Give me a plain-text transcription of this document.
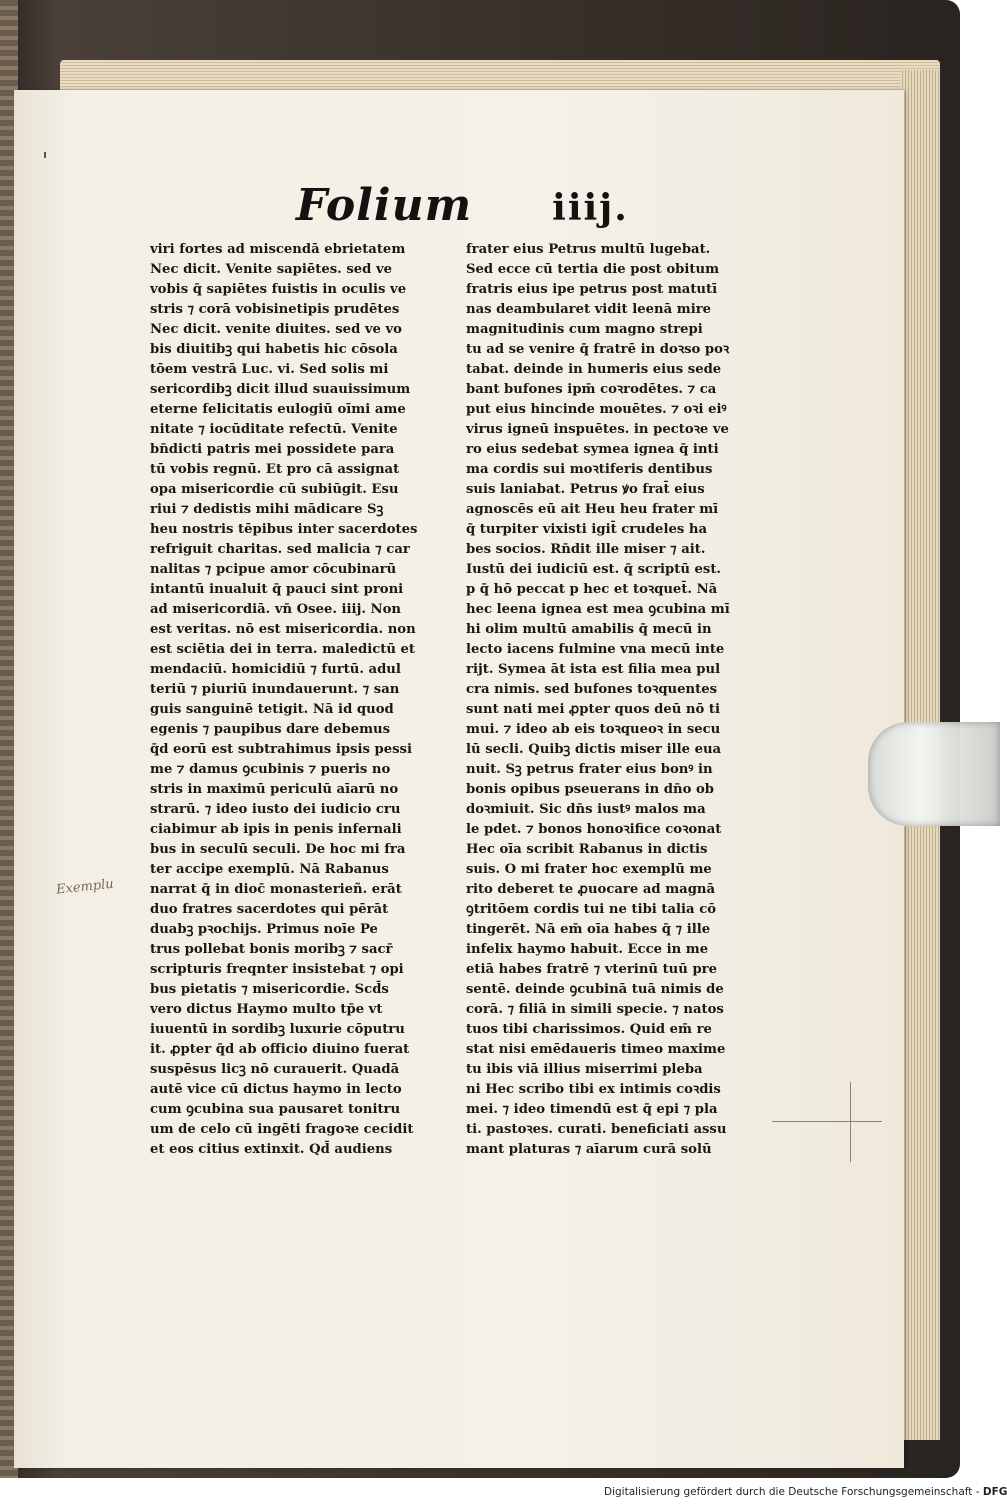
Folium iiij.
viri fortes ad miscendā ebrietatem
Nec dicit. Venite sapiētes. sed ve
vobis q̄ sapiētes fuistis in oculis ve
stris ⁊ corā vobisinetipis prudētes
Nec dicit. venite diuites. sed ve vo
bis diuitibꝫ qui habetis hic cōsola
tōem vestrā Luc. vi. Sed solis mi
sericordibꝫ dicit illud suauissimum
eterne felicitatis eulogiū oīmi ame
nitate ⁊ iocūditate refectū. Venite
bn̄dicti patris mei possidete para
tū vobis regnū. Et pro cā assignat
opa misericordie cū subiūgit. Esu
riui ⁊ dedistis mihi mādicare Sꝫ
heu nostris tēpibus inter sacerdotes
refriguit charitas. sed malicia ⁊ car
nalitas ⁊ pcipue amor cōcubinarū
intantū inualuit q̄ pauci sint proni
ad misericordiā. vn̄ Osee. iiij. Non
est veritas. nō est misericordia. non
est sciētia dei in terra. maledictū et
mendaciū. homicidiū ⁊ furtū. adul
teriū ⁊ piuriū inundauerunt. ⁊ san
guis sanguinē tetigit. Nā id quod
egenis ⁊ paupibus dare debemus
q̄d eorū est subtrahimus ipsis pessi
me ⁊ damus ꝯcubinis ⁊ pueris no
stris in maximū periculū aīarū no
strarū. ⁊ ideo iusto dei iudicio cru
ciabimur ab ipis in penis infernali
bus in seculū seculi. De hoc mi fra
ter accipe exemplū. Nā Rabanus
narrat q̄ in dioc̄ monasterieñ. erāt
duo fratres sacerdotes qui pērāt
duabꝫ pꝛochijs. Primus noīe Pe
trus pollebat bonis moribꝫ ⁊ sacr̄
scripturis freqnter insistebat ⁊ opi
bus pietatis ⁊ misericordie. Scd̄s
vero dictus Haymo multo tp̄e vt
iuuentū in sordibꝫ luxurie cōputru
it. ꝓpter q̄d ab officio diuino fuerat
suspēsus licꝫ nō curauerit. Quadā
autē vice cū dictus haymo in lecto
cum ꝯcubina sua pausaret tonitru
um de celo cū ingēti fragoꝛe cecidit
et eos citius extinxit. Qd̄ audiens
frater eius Petrus multū lugebat.
Sed ecce cū tertia die post obitum
fratris eius ipe petrus post matutī
nas deambularet vidit leenā mire
magnitudinis cum magno strepi
tu ad se venire q̄ fratrē in doꝛso poꝛ
tabat. deinde in humeris eius sede
bant bufones ipm̄ coꝛrodētes. ⁊ ca
put eius hincinde mouētes. ⁊ oꝛi eiꝰ
virus igneū inspuētes. in pectoꝛe ve
ro eius sedebat symea ignea q̄ inti
ma cordis sui moꝛtiferis dentibus
suis laniabat. Petrus ꝟo frat̄ eius
agnoscēs eū ait Heu heu frater mī
q̄ turpiter vixisti igit̄ crudeles ha
bes socios. Rn̄dit ille miser ⁊ ait.
Iustū dei iudiciū est. q̄ scriptū est.
p q̄ hō peccat p hec et toꝛquet̄. Nā
hec leena ignea est mea ꝯcubina mī
hi olim multū amabilis q̄ mecū in
lecto iacens fulmine vna mecū inte
rijt. Symea āt ista est filia mea pul
cra nimis. sed bufones toꝛquentes
sunt nati mei ꝓpter quos deū nō ti
mui. ⁊ ideo ab eis toꝛqueoꝛ in secu
lū secli. Quibꝫ dictis miser ille eua
nuit. Sꝫ petrus frater eius bonꝰ in
bonis opibus pseuerans in dn̄o ob
doꝛmiuit. Sic dn̄s iustꝰ malos ma
le pdet. ⁊ bonos honoꝛifice coꝛonat
Hec oīa scribit Rabanus in dictis
suis. O mi frater hoc exemplū me
rito deberet te ꝓuocare ad magnā
ꝯtritōem cordis tui ne tibi talia cō
tingerēt. Nā em̄ oīa habes q̄ ⁊ ille
infelix haymo habuit. Ecce in me
etiā habes fratrē ⁊ vterinū tuū pre
sentē. deinde ꝯcubinā tuā nimis de
corā. ⁊ filiā in simili specie. ⁊ natos
tuos tibi charissimos. Quid em̄ re
stat nisi emēdaueris timeo maxime
tu ibis viā illius miserrimi pleba
ni Hec scribo tibi ex intimis coꝛdis
mei. ⁊ ideo timendū est q̄ epi ⁊ pla
ti. pastoꝛes. curati. beneficiati assu
mant platuras ⁊ aīarum curā solū
Exemplu
Digitalisierung gefördert durch die Deutsche Forschungsgemeinschaft - DFG
